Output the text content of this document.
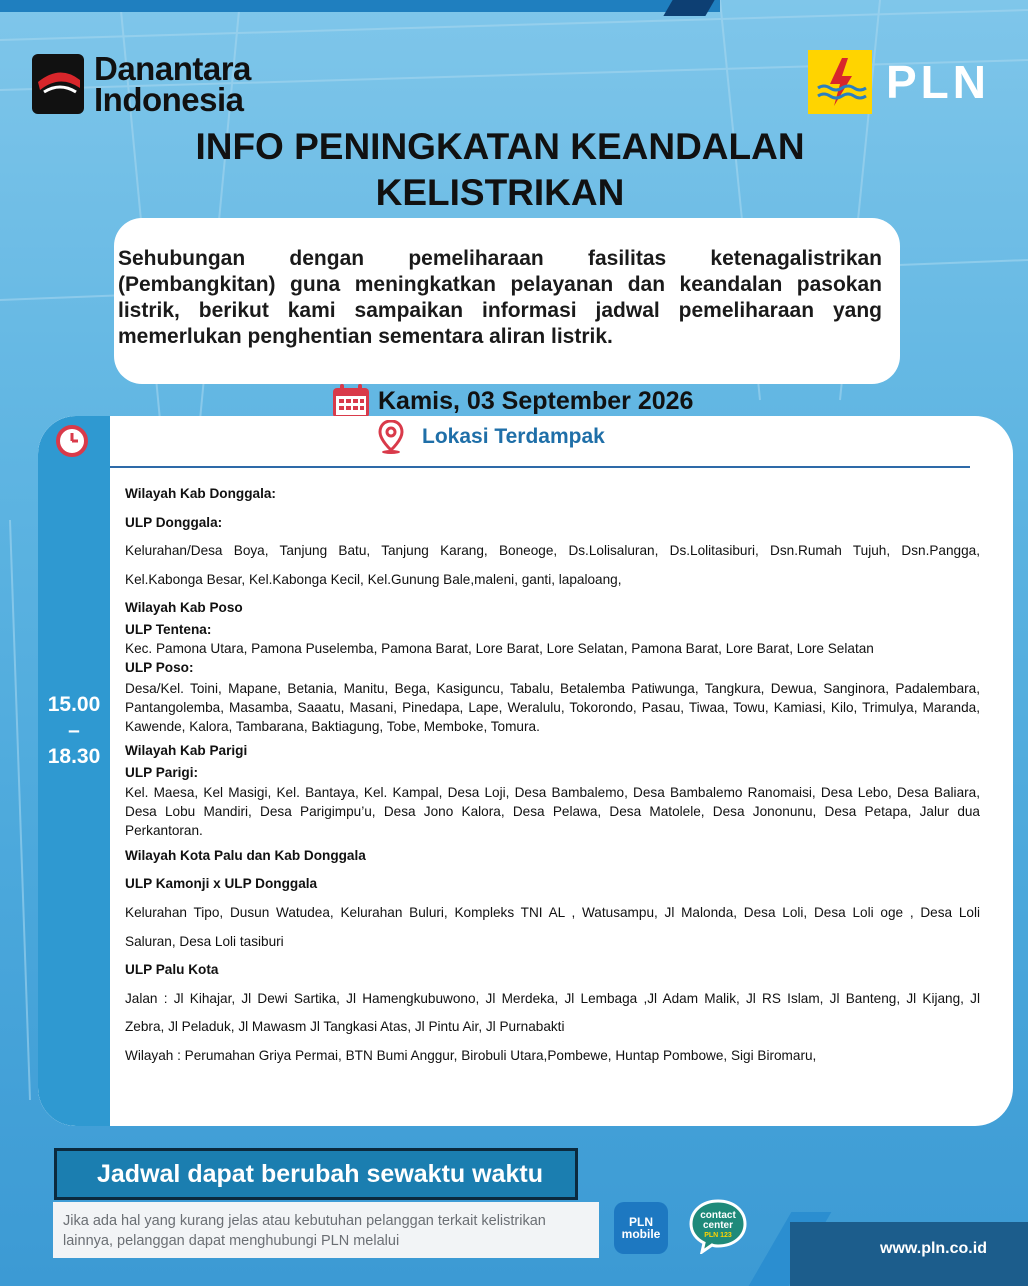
Danantara
Indonesia	PLN
INFO PENINGKATAN KEANDALAN
KELISTRIKAN

Sehubungan dengan pemeliharaan fasilitas ketenagalistrikan (Pembangkitan) guna meningkatkan pelayanan dan keandalan pasokan listrik, berikut kami sampaikan informasi jadwal pemeliharaan yang memerlukan penghentian sementara aliran listrik.

Kamis, 03 September 2026
15.00
–
18.30
Lokasi Terdampak
Wilayah Kab Donggala:
ULP Donggala:
Kelurahan/Desa Boya, Tanjung Batu, Tanjung Karang, Boneoge, Ds.Lolisaluran, Ds.Lolitasiburi, Dsn.Rumah Tujuh, Dsn.Pangga,
Kel.Kabonga Besar, Kel.Kabonga Kecil, Kel.Gunung Bale,maleni, ganti, lapaloang,
Wilayah Kab Poso
ULP Tentena:
Kec. Pamona Utara, Pamona Puselemba, Pamona Barat, Lore Barat, Lore Selatan, Pamona Barat, Lore Barat, Lore Selatan
ULP Poso:
Desa/Kel. Toini, Mapane, Betania, Manitu, Bega, Kasiguncu, Tabalu, Betalemba Patiwunga, Tangkura, Dewua, Sanginora, Padalembara, Pantangolemba, Masamba, Saaatu, Masani, Pinedapa, Lape, Weralulu, Tokorondo, Pasau, Tiwaa, Towu, Kamiasi, Kilo, Trimulya, Maranda, Kawende, Kalora, Tambarana, Baktiagung, Tobe, Memboke, Tomura.
Wilayah Kab Parigi
ULP Parigi:
Kel. Maesa, Kel Masigi, Kel. Bantaya, Kel. Kampal, Desa Loji, Desa Bambalemo, Desa Bambalemo Ranomaisi, Desa Lebo, Desa Baliara, Desa Lobu Mandiri, Desa Parigimpu’u, Desa Jono Kalora, Desa Pelawa, Desa Matolele, Desa Jononunu, Desa Petapa, Jalur dua Perkantoran.
Wilayah Kota Palu dan Kab Donggala
ULP Kamonji x ULP Donggala
Kelurahan Tipo, Dusun Watudea, Kelurahan Buluri, Kompleks TNI AL , Watusampu, Jl Malonda, Desa Loli, Desa Loli oge , Desa Loli
Saluran, Desa Loli tasiburi
ULP Palu Kota
Jalan : Jl Kihajar, Jl Dewi Sartika, Jl Hamengkubuwono, Jl Merdeka, Jl Lembaga ,Jl Adam Malik, Jl RS Islam, Jl Banteng, Jl Kijang, Jl
Zebra, Jl Peladuk, Jl Mawasm Jl Tangkasi Atas, Jl Pintu Air, Jl Purnabakti
Wilayah : Perumahan Griya Permai, BTN Bumi Anggur, Birobuli Utara,Pombewe, Huntap Pombowe, Sigi Biromaru,
Jadwal dapat berubah sewaktu waktu
Jika ada hal yang kurang jelas atau kebutuhan pelanggan terkait kelistrikan lainnya, pelanggan dapat menghubungi PLN melalui
PLN
mobile
contact
center
PLN 123
www.pln.co.id
